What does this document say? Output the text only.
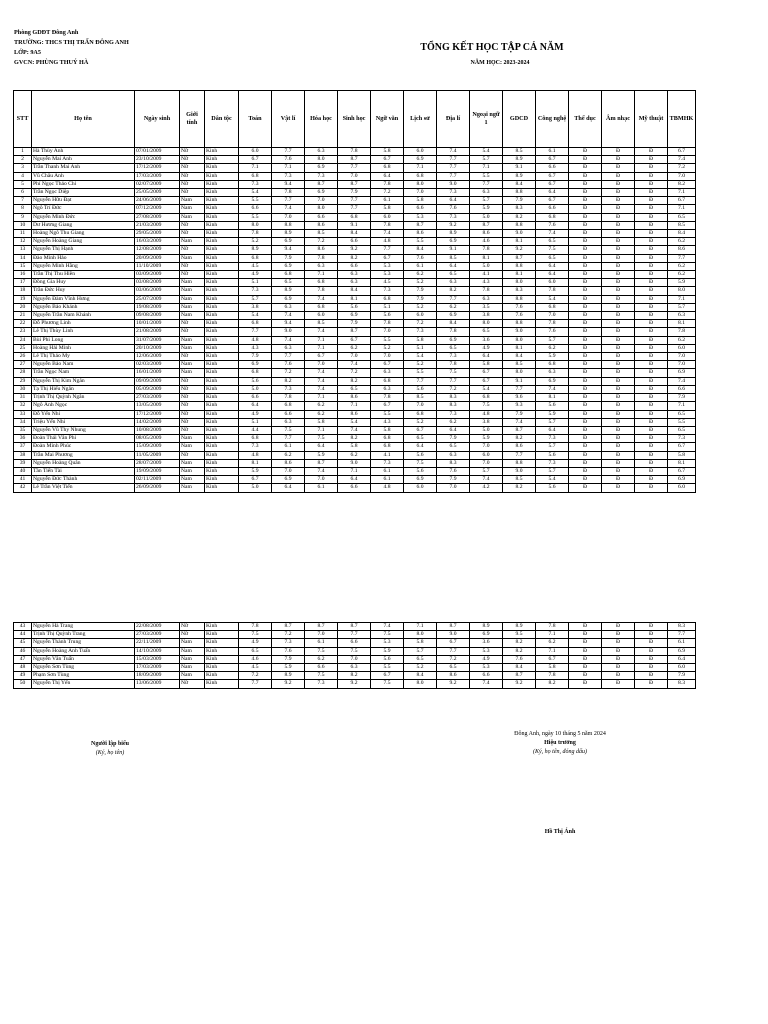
Phòng GDĐT Đông Anh
TRƯỜNG: THCS THỊ TRẤN ĐÔNG ANH
LỚP: 9A5
GVCN: PHÙNG THUÝ HÀ
TỔNG KẾT HỌC TẬP CẢ NĂM
NĂM HỌC: 2023-2024
STT	Họ tên	Ngày sinh	Giới tính	Dân tộc	Toán	Vật lí	Hóa học	Sinh học	Ngữ văn	Lịch sử	Địa lí	Ngoại ngữ 1	GDCD	Công nghệ	Thể dục	Âm nhạc	Mỹ thuật	TBMHK
1	Hà Thùy Anh	07/01/2009	Nữ	Kinh	6.0	7.7	6.3	7.8	5.8	6.0	7.4	5.4	8.5	6.1	Đ	Đ	Đ	6.7
2	Nguyễn Mai Anh	23/10/2009	Nữ	Kinh	6.7	7.6	8.0	8.7	6.7	6.9	7.7	5.7	8.9	6.7	Đ	Đ	Đ	7.4
3	Trần Thanh Mai Anh	17/12/2009	Nữ	Kinh	7.1	7.1	6.9	7.7	6.8	7.1	7.7	7.1	9.1	6.6	Đ	Đ	Đ	7.2
4	Vũ Châu Anh	17/03/2009	Nữ	Kinh	6.8	7.3	7.3	7.0	6.4	6.8	7.7	5.5	8.9	6.7	Đ	Đ	Đ	7.0
5	Phí Ngọc Thảo Chi	02/07/2009	Nữ	Kinh	7.3	9.4	8.7	8.7	7.8	8.0	9.0	7.7	8.4	6.7	Đ	Đ	Đ	8.2
6	Trần Ngọc Diệp	25/05/2009	Nữ	Kinh	5.4	7.8	6.9	7.9	7.2	7.0	7.3	6.3	8.8	6.4	Đ	Đ	Đ	7.1
7	Nguyễn Hữu Đạt	24/06/2009	Nam	Kinh	5.5	7.7	7.0	7.7	6.1	5.8	6.4	5.7	7.9	6.7	Đ	Đ	Đ	6.7
8	Ngô Trí Đức	07/12/2009	Nam	Kinh	6.6	7.4	8.0	7.7	5.8	6.6	7.6	5.9	8.3	6.6	Đ	Đ	Đ	7.1
9	Nguyễn Minh Đức	27/08/2009	Nam	Kinh	5.5	7.0	6.6	6.8	6.0	5.3	7.3	5.0	8.2	6.8	Đ	Đ	Đ	6.5
10	Dư Hương Giang	21/03/2009	Nữ	Kinh	8.0	8.8	8.6	9.1	7.8	8.7	9.2	8.7	8.8	7.6	Đ	Đ	Đ	8.5
11	Hoàng Ngô Thu Giang	29/05/2009	Nữ	Kinh	7.8	8.9	8.5	8.4	7.4	8.6	8.9	8.6	9.0	7.4	Đ	Đ	Đ	8.4
12	Nguyễn Hoàng Giang	16/03/2009	Nam	Kinh	5.2	6.9	7.2	6.6	4.8	5.5	6.9	4.6	8.1	6.5	Đ	Đ	Đ	6.2
13	Nguyễn Thị Hạnh	12/08/2009	Nữ	Kinh	8.9	9.4	8.6	9.2	7.7	8.4	9.1	7.8	9.2	7.5	Đ	Đ	Đ	8.6
14	Đào Minh Hảo	20/09/2009	Nam	Kinh	6.8	7.9	7.8	8.2	6.7	7.6	8.5	8.1	8.7	6.5	Đ	Đ	Đ	7.7
15	Nguyễn Minh Hằng	11/10/2009	Nữ	Kinh	4.5	6.9	6.3	6.6	5.3	6.1	6.4	5.0	8.8	6.4	Đ	Đ	Đ	6.2
16	Trần Thị Thu Hiền	03/09/2009	Nữ	Kinh	4.9	6.8	7.1	6.3	5.3	6.2	6.5	4.1	8.1	6.4	Đ	Đ	Đ	6.2
17	Đồng Gia Huy	03/08/2009	Nam	Kinh	5.1	6.5	6.8	6.3	4.5	5.2	6.3	4.3	8.0	6.0	Đ	Đ	Đ	5.9
18	Trần Đức Huy	03/06/2009	Nam	Kinh	7.3	8.9	7.8	8.4	7.3	7.9	8.2	7.8	8.3	7.8	Đ	Đ	Đ	8.0
19	Nguyễn Đàm Vĩnh Hưng	25/07/2009	Nam	Kinh	5.7	6.9	7.4	8.1	6.8	7.9	7.7	6.3	8.8	5.4	Đ	Đ	Đ	7.1
20	Nguyễn Bảo Khánh	19/08/2009	Nam	Kinh	3.8	6.3	6.8	5.6	5.1	5.2	6.2	3.5	7.6	6.8	Đ	Đ	Đ	5.7
21	Nguyễn Trần Nam Khánh	09/08/2009	Nam	Kinh	5.4	7.4	6.0	6.9	5.6	6.0	6.9	3.8	7.6	7.0	Đ	Đ	Đ	6.3
22	Đỗ Phương Linh	10/01/2009	Nữ	Kinh	6.8	9.4	8.5	7.9	7.8	7.2	8.4	8.0	8.8	7.8	Đ	Đ	Đ	8.1
23	Lê Thị Thùy Linh	21/08/2009	Nữ	Kinh	7.7	9.0	7.4	8.7	7.0	7.3	7.8	6.5	9.0	7.6	Đ	Đ	Đ	7.8
24	Bùi Phi Long	31/07/2009	Nam	Kinh	4.8	7.4	7.1	6.7	5.5	5.8	6.9	3.6	8.0	5.7	Đ	Đ	Đ	6.2
25	Hoàng Hải Minh	20/10/2009	Nam	Kinh	4.3	6.3	7.1	6.2	5.2	5.1	6.5	4.9	8.1	6.2	Đ	Đ	Đ	6.0
26	Lê Thị Thảo My	12/06/2009	Nữ	Kinh	7.9	7.7	6.7	7.0	7.0	5.4	7.3	6.4	8.4	5.9	Đ	Đ	Đ	7.0
27	Nguyễn Bảo Nam	02/03/2009	Nam	Kinh	6.9	7.6	7.0	7.4	6.7	5.2	7.8	5.8	8.5	6.8	Đ	Đ	Đ	7.0
28	Trần Ngọc Nam	16/01/2009	Nam	Kinh	6.8	7.2	7.4	7.2	6.3	5.5	7.5	6.7	8.0	6.3	Đ	Đ	Đ	6.9
29	Nguyễn Thị Kim Ngân	09/09/2009	Nữ	Kinh	5.6	8.2	7.4	8.2	6.8	7.7	7.7	6.7	9.1	6.9	Đ	Đ	Đ	7.4
30	Tạ Thị Hiếu Ngân	05/09/2009	Nữ	Kinh	5.0	7.3	7.4	6.5	6.3	5.6	7.2	5.4	7.7	7.4	Đ	Đ	Đ	6.6
31	Trịnh Thị Quỳnh Ngân	27/03/2009	Nữ	Kinh	6.6	7.8	7.1	8.6	7.8	8.5	8.3	6.8	9.6	8.1	Đ	Đ	Đ	7.9
32	Ngô Ánh Ngọc	13/05/2009	Nữ	Kinh	6.4	6.8	6.2	7.1	6.7	7.0	8.3	7.5	9.3	5.6	Đ	Đ	Đ	7.1
33	Đỗ Yến Nhi	17/12/2009	Nữ	Kinh	4.9	6.6	6.2	8.6	5.5	6.8	7.3	4.8	7.9	5.9	Đ	Đ	Đ	6.5
34	Triệu Yến Nhi	14/02/2009	Nữ	Kinh	5.1	6.3	5.8	5.4	4.3	5.2	6.2	3.8	7.4	5.7	Đ	Đ	Đ	5.5
35	Nguyễn Vũ Thy Nhung	10/08/2009	Nữ	Kinh	4.4	7.5	7.1	7.4	5.8	6.7	6.4	5.0	8.7	6.4	Đ	Đ	Đ	6.5
36	Đoàn Thái Vân Phi	08/05/2009	Nam	Kinh	6.8	7.7	7.5	8.2	6.8	6.5	7.9	5.9	8.2	7.3	Đ	Đ	Đ	7.3
37	Đoàn Minh Phúc	15/09/2009	Nam	Kinh	7.3	6.1	6.4	5.8	6.8	6.4	6.5	7.0	8.6	5.7	Đ	Đ	Đ	6.7
38	Trần Mai Phương	11/05/2009	Nữ	Kinh	4.8	6.2	5.9	6.2	4.1	5.6	6.3	6.0	7.7	5.6	Đ	Đ	Đ	5.8
39	Nguyễn Hoàng Quân	28/07/2009	Nam	Kinh	8.1	8.6	8.7	9.0	7.3	7.5	8.3	7.0	8.8	7.3	Đ	Đ	Đ	8.1
40	Tần Tiến Tài	19/09/2009	Nam	Kinh	5.9	7.0	7.4	7.1	6.1	5.6	7.6	5.7	9.0	5.7	Đ	Đ	Đ	6.7
41	Nguyễn Đức Thành	02/11/2009	Nam	Kinh	6.7	6.9	7.0	6.4	6.1	6.9	7.9	7.4	8.5	5.4	Đ	Đ	Đ	6.9
42	Lê Trần Việt Tiến	26/09/2009	Nam	Kinh	5.0	6.4	6.1	6.6	4.8	6.0	7.0	4.2	8.2	5.6	Đ	Đ	Đ	6.0
43	Nguyễn Hà Trang	22/08/2009	Nữ	Kinh	7.8	8.7	8.7	8.7	7.4	7.1	8.7	8.9	8.9	7.8	Đ	Đ	Đ	8.3
44	Trịnh Thị Quỳnh Trang	27/03/2009	Nữ	Kinh	7.5	7.2	7.0	7.7	7.5	8.0	9.0	6.9	9.5	7.1	Đ	Đ	Đ	7.7
45	Nguyễn Thành Trung	22/11/2009	Nam	Kinh	4.9	7.3	6.1	6.6	5.3	5.8	6.7	3.6	8.2	6.2	Đ	Đ	Đ	6.1
46	Nguyễn Hoàng Anh Tuấn	14/10/2009	Nam	Kinh	6.5	7.6	7.5	7.5	5.9	5.7	7.7	5.3	8.2	7.1	Đ	Đ	Đ	6.9
47	Nguyễn Văn Tuấn	15/03/2009	Nam	Kinh	4.6	7.9	6.2	7.0	5.6	6.5	7.2	4.9	7.6	6.7	Đ	Đ	Đ	6.4
48	Nguyễn Sơn Tùng	17/03/2009	Nam	Kinh	4.5	5.9	6.6	6.3	5.5	5.2	6.5	5.3	8.4	5.8	Đ	Đ	Đ	6.0
49	Phạm Sơn Tùng	18/09/2009	Nam	Kinh	7.2	8.9	7.5	8.2	6.7	8.4	8.6	6.6	8.7	7.8	Đ	Đ	Đ	7.9
50	Nguyễn Thị Yến	13/06/2009	Nữ	Kinh	7.7	9.2	7.3	9.2	7.5	8.0	9.2	7.4	9.2	8.2	Đ	Đ	Đ	8.3
Người lập biểu
(Ký, họ tên)
Đông Anh, ngày 10 tháng 5 năm 2024
Hiệu trưởng
(Ký, họ tên, đóng dấu)
Hồ Thị Ánh
